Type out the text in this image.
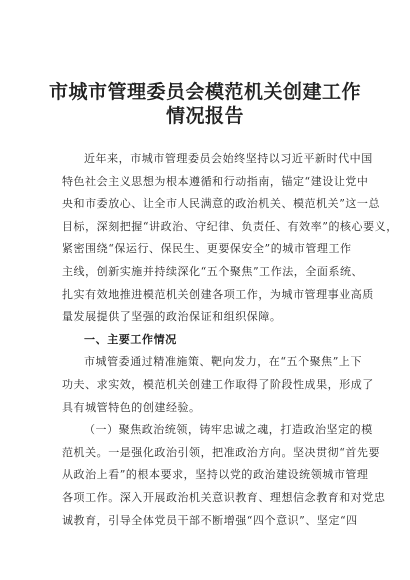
市城市管理委员会模范机关创建工作
情况报告
近年来，市城市管理委员会始终坚持以习近平新时代中国
特色社会主义思想为根本遵循和行动指南，锚定“建设让党中
央和市委放心、让全市人民满意的政治机关、模范机关”这一总
目标，深刻把握“讲政治、守纪律、负责任、有效率”的核心要义，
紧密围绕“保运行、保民生、更要保安全”的城市管理工作
主线，创新实施并持续深化“五个聚焦”工作法，全面系统、
扎实有效地推进模范机关创建各项工作，为城市管理事业高质
量发展提供了坚强的政治保证和组织保障。
一、主要工作情况
市城管委通过精准施策、靶向发力，在“五个聚焦”上下
功夫、求实效，模范机关创建工作取得了阶段性成果，形成了
具有城管特色的创建经验。
（一）聚焦政治统领，铸牢忠诚之魂，打造政治坚定的模
范机关。一是强化政治引领，把准政治方向。坚决贯彻“首先要
从政治上看”的根本要求，坚持以党的政治建设统领城市管理
各项工作。深入开展政治机关意识教育、理想信念教育和对党忠
诚教育，引导全体党员干部不断增强“四个意识”、坚定“四
